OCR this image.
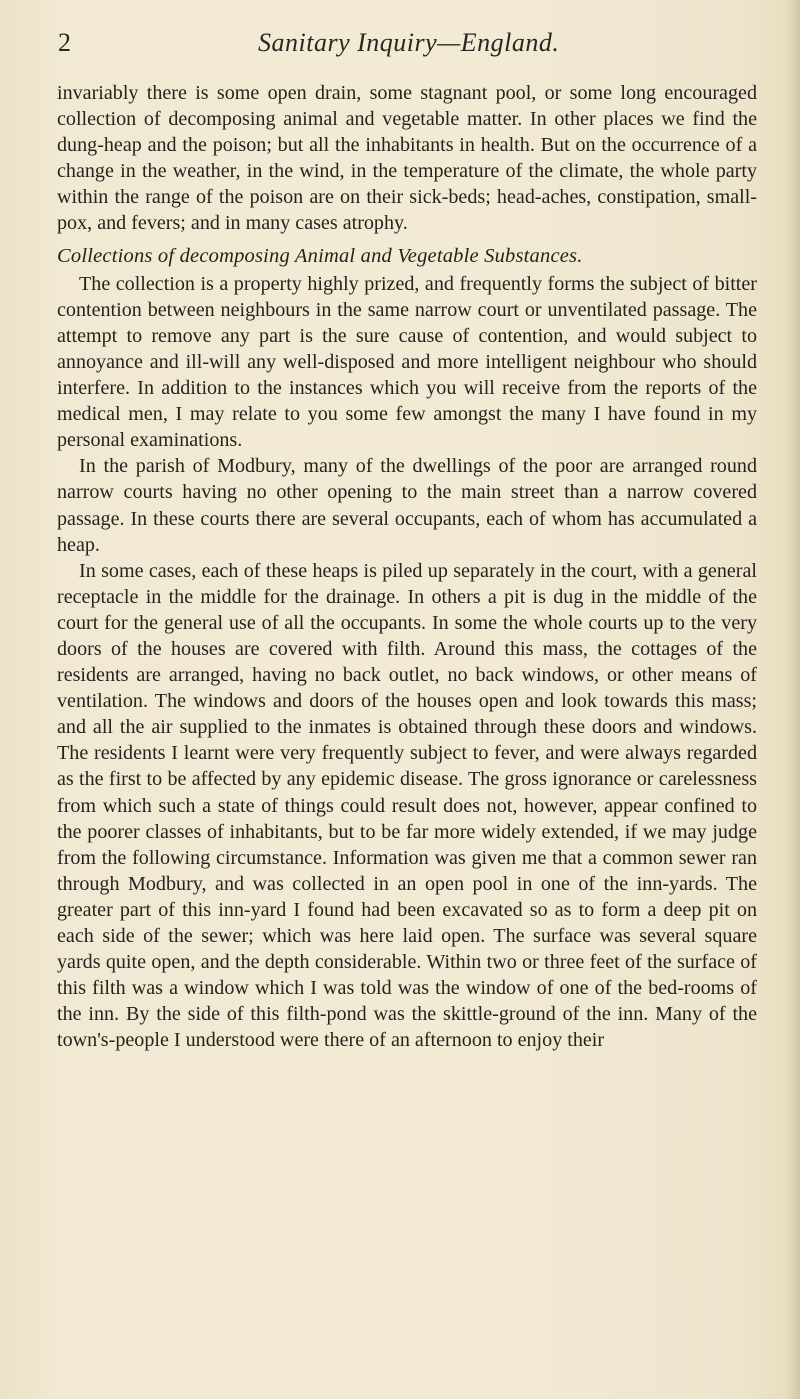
2	Sanitary Inquiry—England.

invariably there is some open drain, some stagnant pool, or some long encouraged collection of decomposing animal and vegetable matter. In other places we find the dung-heap and the poison; but all the inhabitants in health. But on the occurrence of a change in the weather, in the wind, in the temperature of the climate, the whole party within the range of the poison are on their sick-beds; head-aches, constipation, small-pox, and fevers; and in many cases atrophy.

Collections of decomposing Animal and Vegetable Substances.

The collection is a property highly prized, and frequently forms the subject of bitter contention between neighbours in the same narrow court or unventilated passage. The attempt to remove any part is the sure cause of contention, and would subject to annoyance and ill-will any well-disposed and more intelligent neighbour who should interfere. In addition to the instances which you will receive from the reports of the medical men, I may relate to you some few amongst the many I have found in my personal examinations.

In the parish of Modbury, many of the dwellings of the poor are arranged round narrow courts having no other opening to the main street than a narrow covered passage. In these courts there are several occupants, each of whom has accumulated a heap.

In some cases, each of these heaps is piled up separately in the court, with a general receptacle in the middle for the drainage. In others a pit is dug in the middle of the court for the general use of all the occupants. In some the whole courts up to the very doors of the houses are covered with filth. Around this mass, the cottages of the residents are arranged, having no back outlet, no back windows, or other means of ventilation. The windows and doors of the houses open and look towards this mass; and all the air supplied to the inmates is obtained through these doors and windows. The residents I learnt were very frequently subject to fever, and were always regarded as the first to be affected by any epidemic disease. The gross ignorance or carelessness from which such a state of things could result does not, however, appear confined to the poorer classes of inhabitants, but to be far more widely extended, if we may judge from the following circumstance. Information was given me that a common sewer ran through Modbury, and was collected in an open pool in one of the inn-yards. The greater part of this inn-yard I found had been excavated so as to form a deep pit on each side of the sewer; which was here laid open. The surface was several square yards quite open, and the depth considerable. Within two or three feet of the surface of this filth was a window which I was told was the window of one of the bed-rooms of the inn. By the side of this filth-pond was the skittle-ground of the inn. Many of the town's-people I understood were there of an afternoon to enjoy their
